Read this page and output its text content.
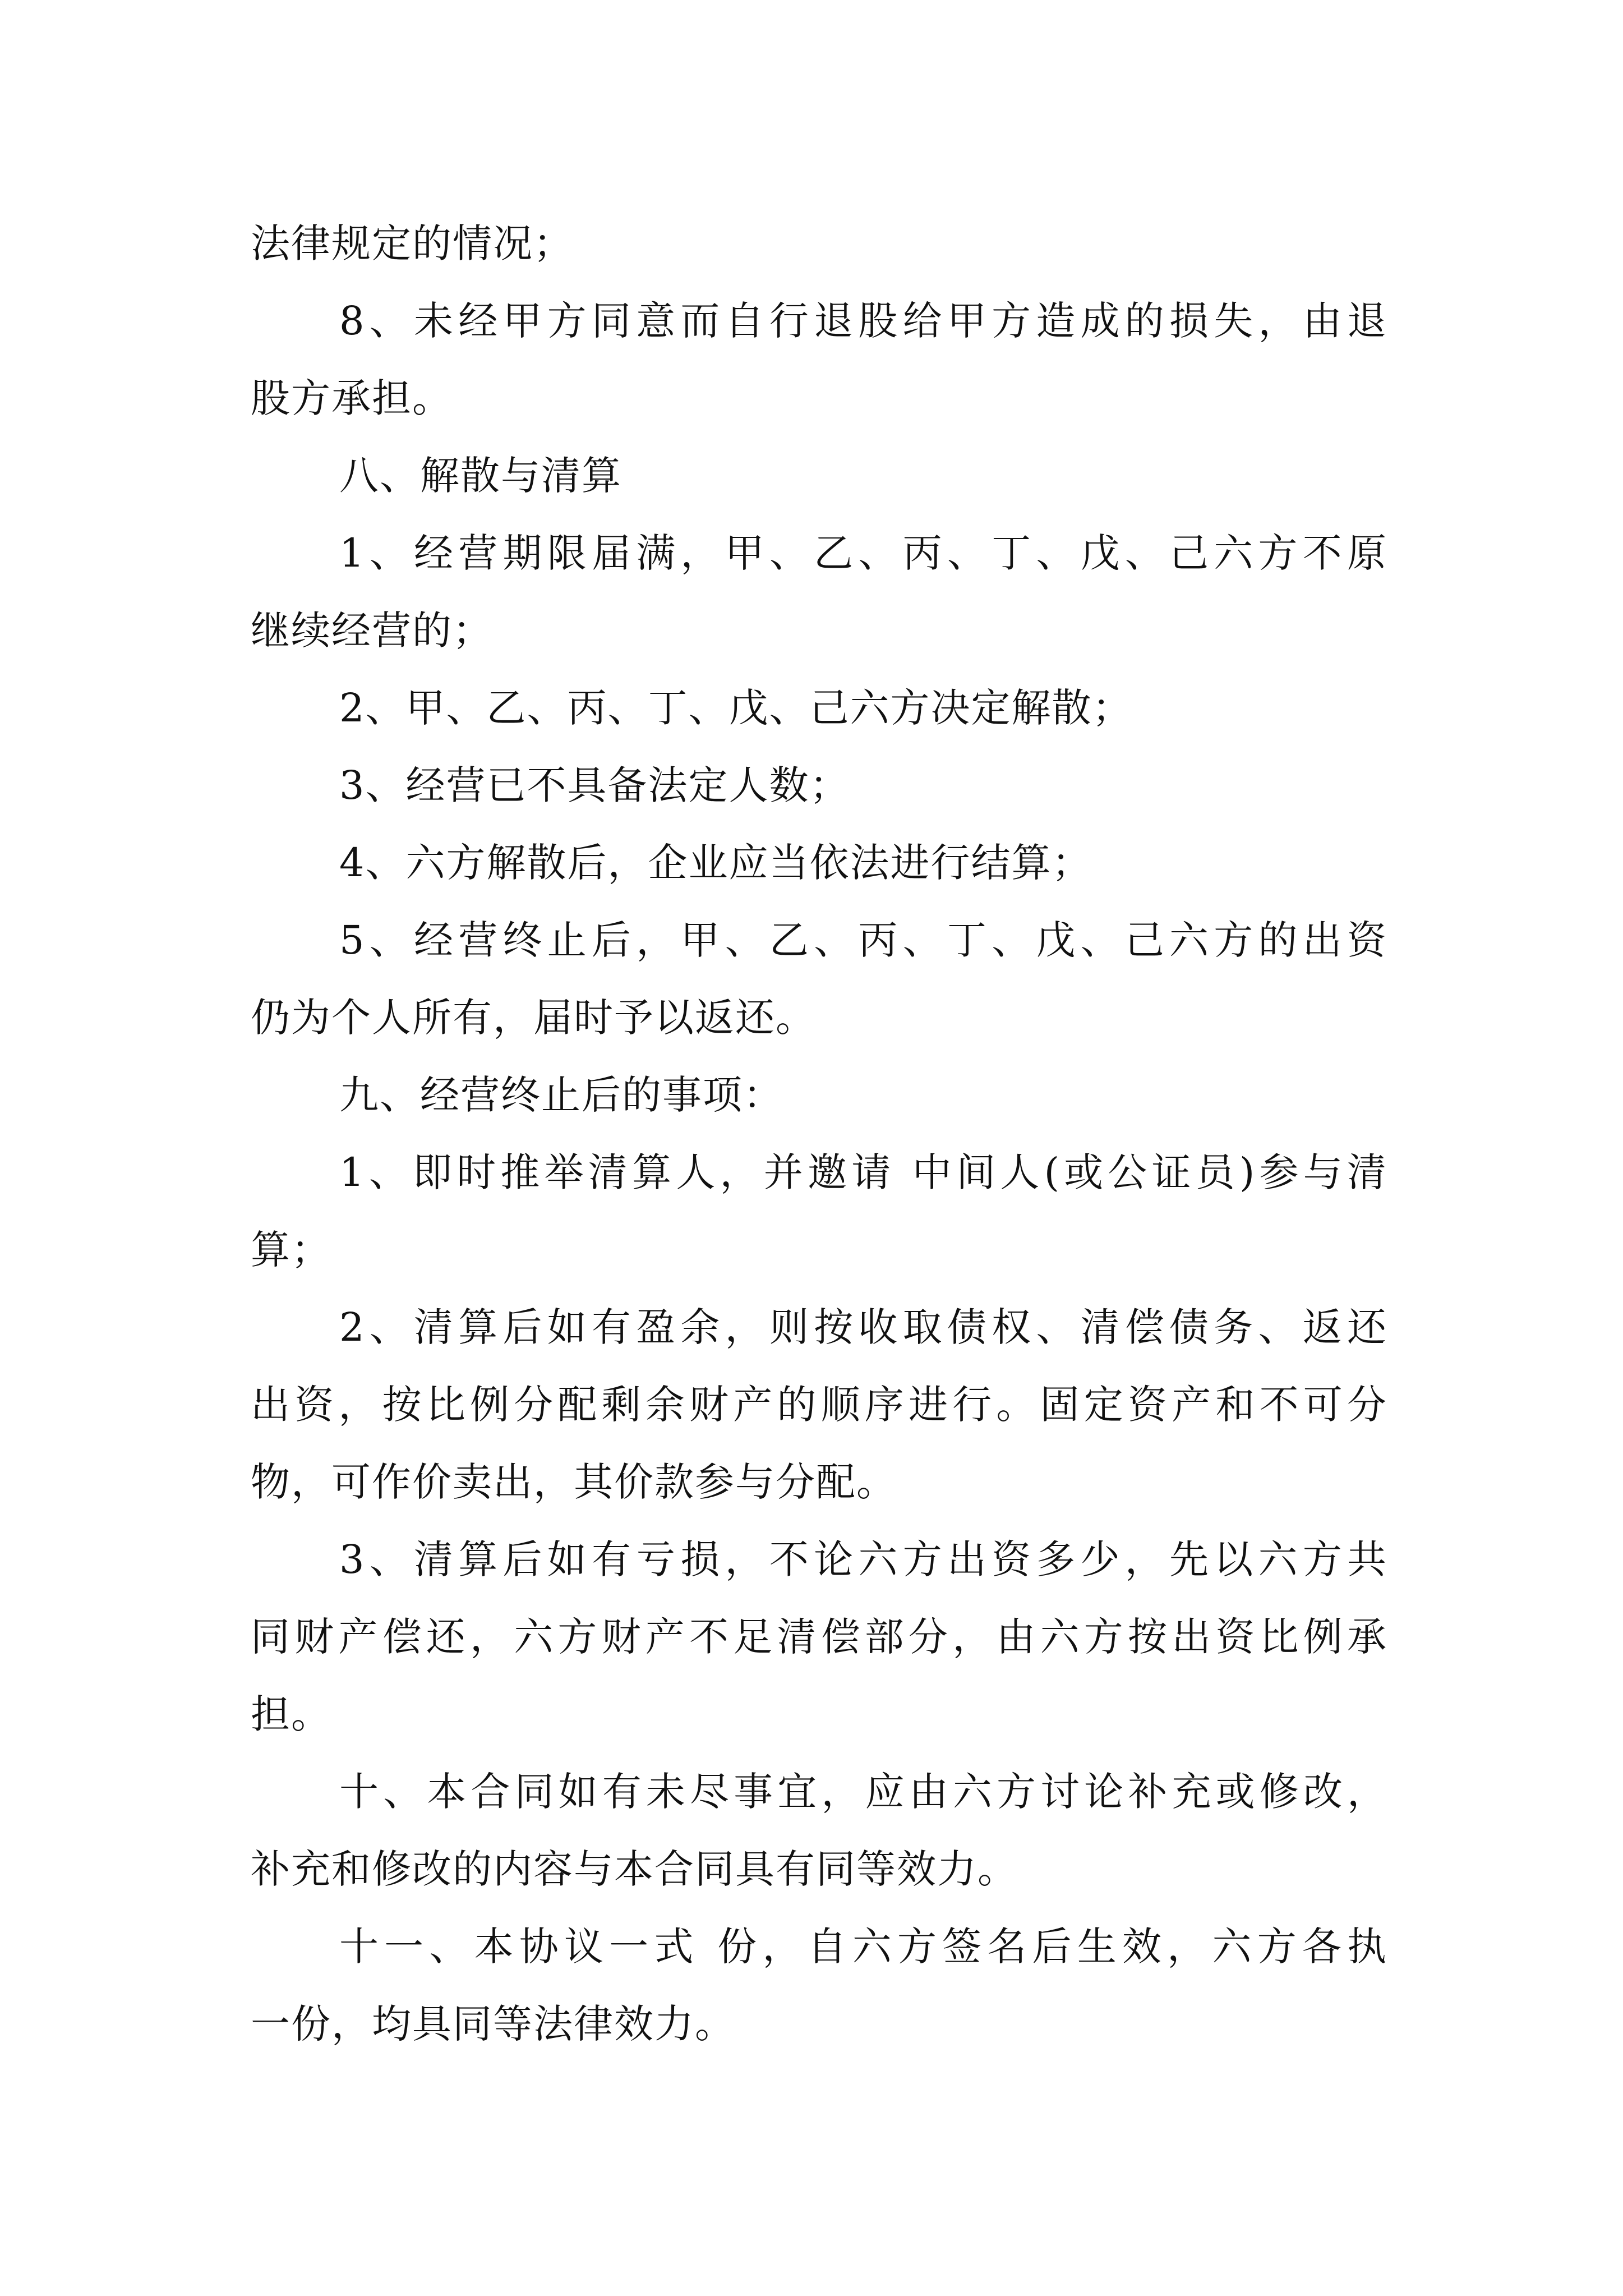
法律规定的情况；
8、未经甲方同意而自行退股给甲方造成的损失，由退
股方承担。
八、解散与清算
1、经营期限届满，甲、乙、丙、丁、戊、己六方不原
继续经营的；
2、甲、乙、丙、丁、戊、己六方决定解散；
3、经营已不具备法定人数；
4、六方解散后，企业应当依法进行结算；
5、经营终止后，甲、乙、丙、丁、戊、己六方的出资
仍为个人所有，届时予以返还。
九、经营终止后的事项：
1、即时推举清算人，并邀请 中间人(或公证员)参与清
算；
2、清算后如有盈余，则按收取债权、清偿债务、返还
出资，按比例分配剩余财产的顺序进行。固定资产和不可分
物，可作价卖出，其价款参与分配。
3、清算后如有亏损，不论六方出资多少，先以六方共
同财产偿还，六方财产不足清偿部分，由六方按出资比例承
担。
十、本合同如有未尽事宜，应由六方讨论补充或修改，
补充和修改的内容与本合同具有同等效力。
十一、本协议一式 份，自六方签名后生效，六方各执
一份，均具同等法律效力。
